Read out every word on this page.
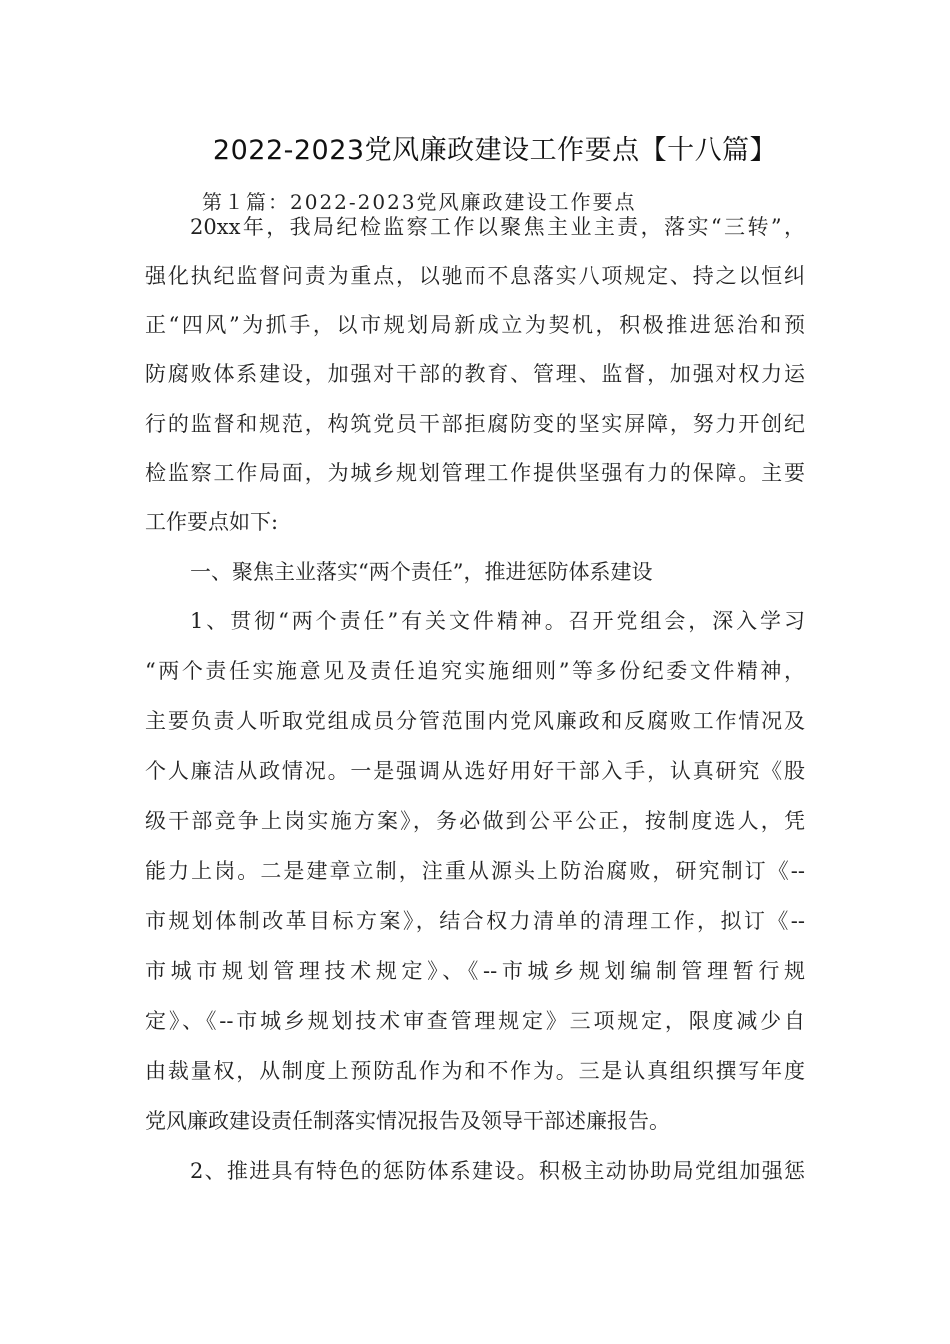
2022-2023党风廉政建设工作要点【十八篇】
第１篇：2022-2023党风廉政建设工作要点
20xx年，我局纪检监察工作以聚焦主业主责，落实“三转”，
强化执纪监督问责为重点，以驰而不息落实八项规定、持之以恒纠
正“四风”为抓手，以市规划局新成立为契机，积极推进惩治和预
防腐败体系建设，加强对干部的教育、管理、监督，加强对权力运
行的监督和规范，构筑党员干部拒腐防变的坚实屏障，努力开创纪
检监察工作局面，为城乡规划管理工作提供坚强有力的保障。主要
工作要点如下:
一、聚焦主业落实“两个责任”，推进惩防体系建设
1、贯彻“两个责任”有关文件精神。召开党组会，深入学习
“两个责任实施意见及责任追究实施细则”等多份纪委文件精神，
主要负责人听取党组成员分管范围内党风廉政和反腐败工作情况及
个人廉洁从政情况。一是强调从选好用好干部入手，认真研究《股
级干部竞争上岗实施方案》，务必做到公平公正，按制度选人，凭
能力上岗。二是建章立制，注重从源头上防治腐败，研究制订《--
市规划体制改革目标方案》，结合权力清单的清理工作，拟订《--
市城市规划管理技术规定》、《--市城乡规划编制管理暂行规
定》、《--市城乡规划技术审查管理规定》三项规定，限度减少自
由裁量权，从制度上预防乱作为和不作为。三是认真组织撰写年度
党风廉政建设责任制落实情况报告及领导干部述廉报告。
2、推进具有特色的惩防体系建设。积极主动协助局党组加强惩
